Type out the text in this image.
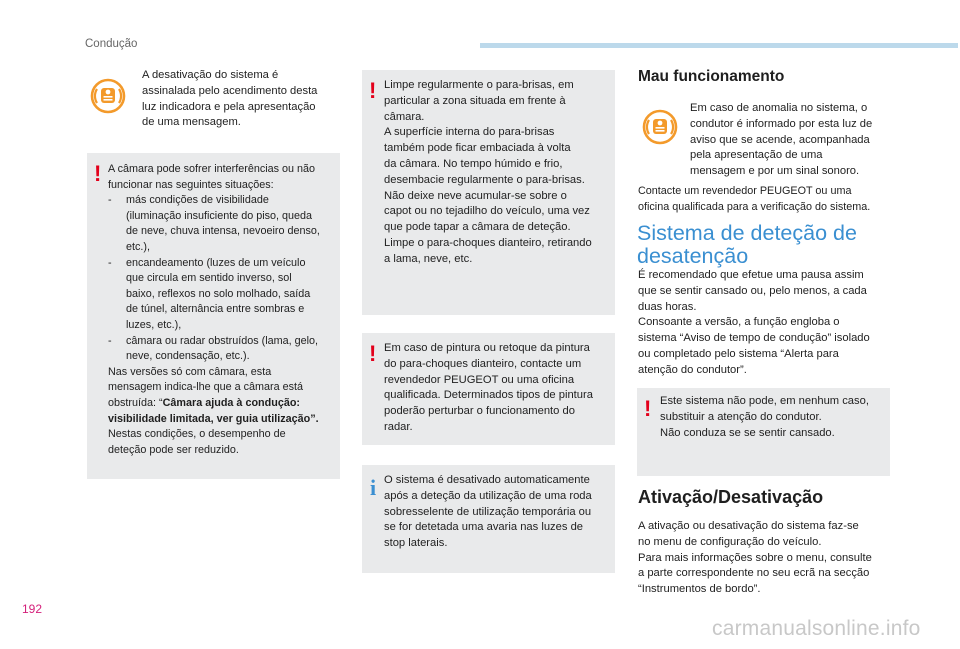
Condução
A desativação do sistema é
assinalada pelo acendimento desta
luz indicadora e pela apresentação
de uma mensagem.
! A câmara pode sofrer interferências ou não
funcionar nas seguintes situações:
- más condições de visibilidade
(iluminação insuficiente do piso, queda
de neve, chuva intensa, nevoeiro denso,
etc.),
- encandeamento (luzes de um veículo
que circula em sentido inverso, sol
baixo, reflexos no solo molhado, saída
de túnel, alternância entre sombras e
luzes, etc.),
- câmara ou radar obstruídos (lama, gelo,
neve, condensação, etc.).
Nas versões só com câmara, esta
mensagem indica-lhe que a câmara está
obstruída: “Câmara ajuda à condução:
visibilidade limitada, ver guia utilização”.
Nestas condições, o desempenho de
deteção pode ser reduzido.
! Limpe regularmente o para-brisas, em
particular a zona situada em frente à
câmara.
A superfície interna do para-brisas
também pode ficar embaciada à volta
da câmara. No tempo húmido e frio,
desembacie regularmente o para-brisas.
Não deixe neve acumular-se sobre o
capot ou no tejadilho do veículo, uma vez
que pode tapar a câmara de deteção.
Limpe o para-choques dianteiro, retirando
a lama, neve, etc.
! Em caso de pintura ou retoque da pintura
do para-choques dianteiro, contacte um
revendedor PEUGEOT ou uma oficina
qualificada. Determinados tipos de pintura
poderão perturbar o funcionamento do
radar.
i O sistema é desativado automaticamente
após a deteção da utilização de uma roda
sobresselente de utilização temporária ou
se for detetada uma avaria nas luzes de
stop laterais.
Mau funcionamento
Em caso de anomalia no sistema, o
condutor é informado por esta luz de
aviso que se acende, acompanhada
pela apresentação de uma
mensagem e por um sinal sonoro.
Contacte um revendedor PEUGEOT ou uma
oficina qualificada para a verificação do sistema.
Sistema de deteção de
desatenção
É recomendado que efetue uma pausa assim
que se sentir cansado ou, pelo menos, a cada
duas horas.
Consoante a versão, a função engloba o
sistema “Aviso de tempo de condução” isolado
ou completado pelo sistema “Alerta para
atenção do condutor”.
! Este sistema não pode, em nenhum caso,
substituir a atenção do condutor.
Não conduza se se sentir cansado.
Ativação/Desativação
A ativação ou desativação do sistema faz-se
no menu de configuração do veículo.
Para mais informações sobre o menu, consulte
a parte correspondente no seu ecrã na secção
“Instrumentos de bordo”.
192
carmanualsonline.info
